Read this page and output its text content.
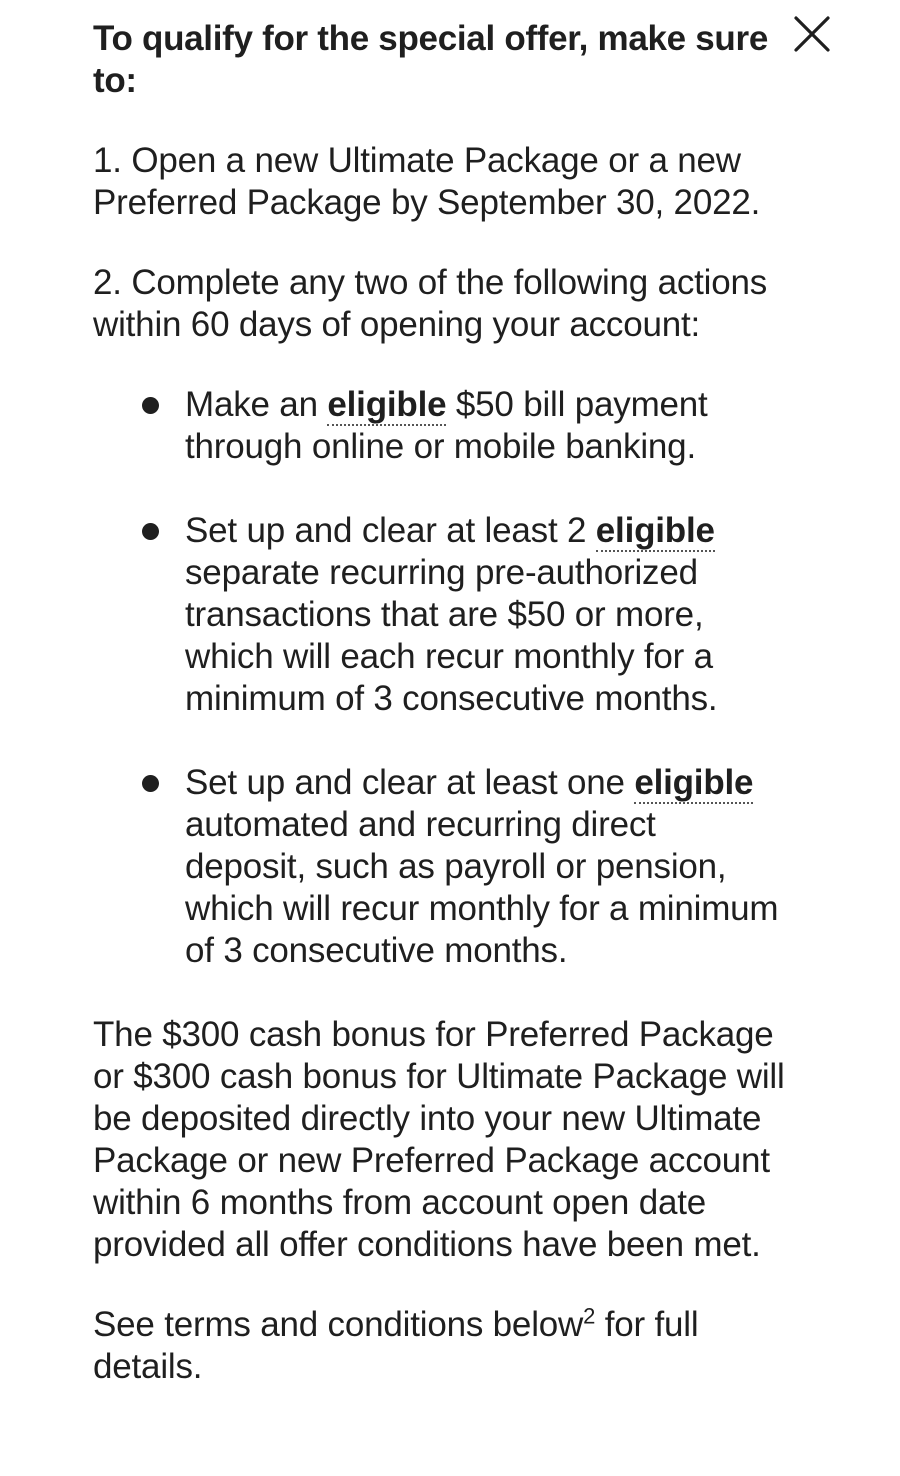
To qualify for the special offer, make sure to:

1. Open a new Ultimate Package or a new Preferred Package by September 30, 2022.

2. Complete any two of the following actions within 60 days of opening your account:

Make an eligible $50 bill payment through online or mobile banking.
Set up and clear at least 2 eligible separate recurring pre-authorized transactions that are $50 or more, which will each recur monthly for a minimum of 3 consecutive months.
Set up and clear at least one eligible automated and recurring direct deposit, such as payroll or pension, which will recur monthly for a minimum of 3 consecutive months.

The $300 cash bonus for Preferred Package or $300 cash bonus for Ultimate Package will be deposited directly into your new Ultimate Package or new Preferred Package account within 6 months from account open date provided all offer conditions have been met.

See terms and conditions below$^2$ for full details.
